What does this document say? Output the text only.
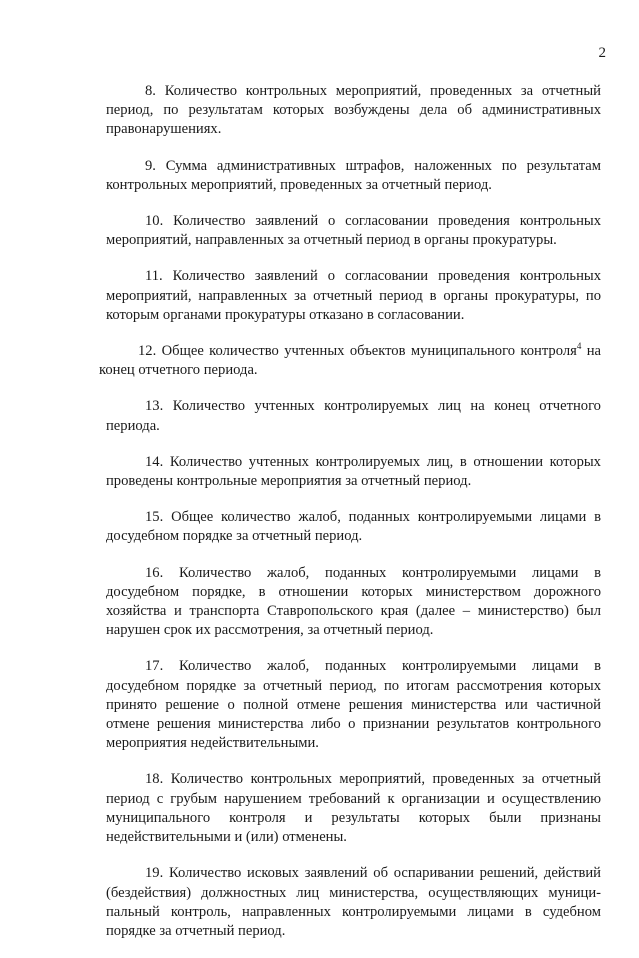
2

8. Количество контрольных мероприятий, проведенных за отчетный период, по результатам которых возбуждены дела об административных правонарушениях.

9. Сумма административных штрафов, наложенных по результатам контрольных мероприятий, проведенных за отчетный период.

10. Количество заявлений о согласовании проведения контрольных мероприятий, направленных за отчетный период в органы прокуратуры.

11. Количество заявлений о согласовании проведения контрольных мероприятий, направленных за отчетный период в органы прокуратуры, по которым органами прокуратуры отказано в согласовании.

12. Общее количество учтенных объектов муниципального контроля$^4$ на конец отчетного периода.

13. Количество учтенных контролируемых лиц на конец отчетного периода.

14. Количество учтенных контролируемых лиц, в отношении которых проведены контрольные мероприятия за отчетный период.

15. Общее количество жалоб, поданных контролируемыми лицами в досудебном порядке за отчетный период.

16. Количество жалоб, поданных контролируемыми лицами в досудебном порядке, в отношении которых министерством дорожного хозяйства и транспорта Ставропольского края (далее – министерство) был нарушен срок их рассмотрения, за отчетный период.

17. Количество жалоб, поданных контролируемыми лицами в досудебном порядке за отчетный период, по итогам рассмотрения которых принято решение о полной отмене решения министерства или частичной отмене решения министерства либо о признании результатов контрольного мероприятия недействительными.

18. Количество контрольных мероприятий, проведенных за отчетный период с грубым нарушением требований к организации и осуществлению муниципального контроля и результаты которых были признаны недействительными и (или) отменены.

19. Количество исковых заявлений об оспаривании решений, действий (бездействия) должностных лиц министерства, осуществляющих муници-пальный контроль, направленных контролируемыми лицами в судебном порядке за отчетный период.
